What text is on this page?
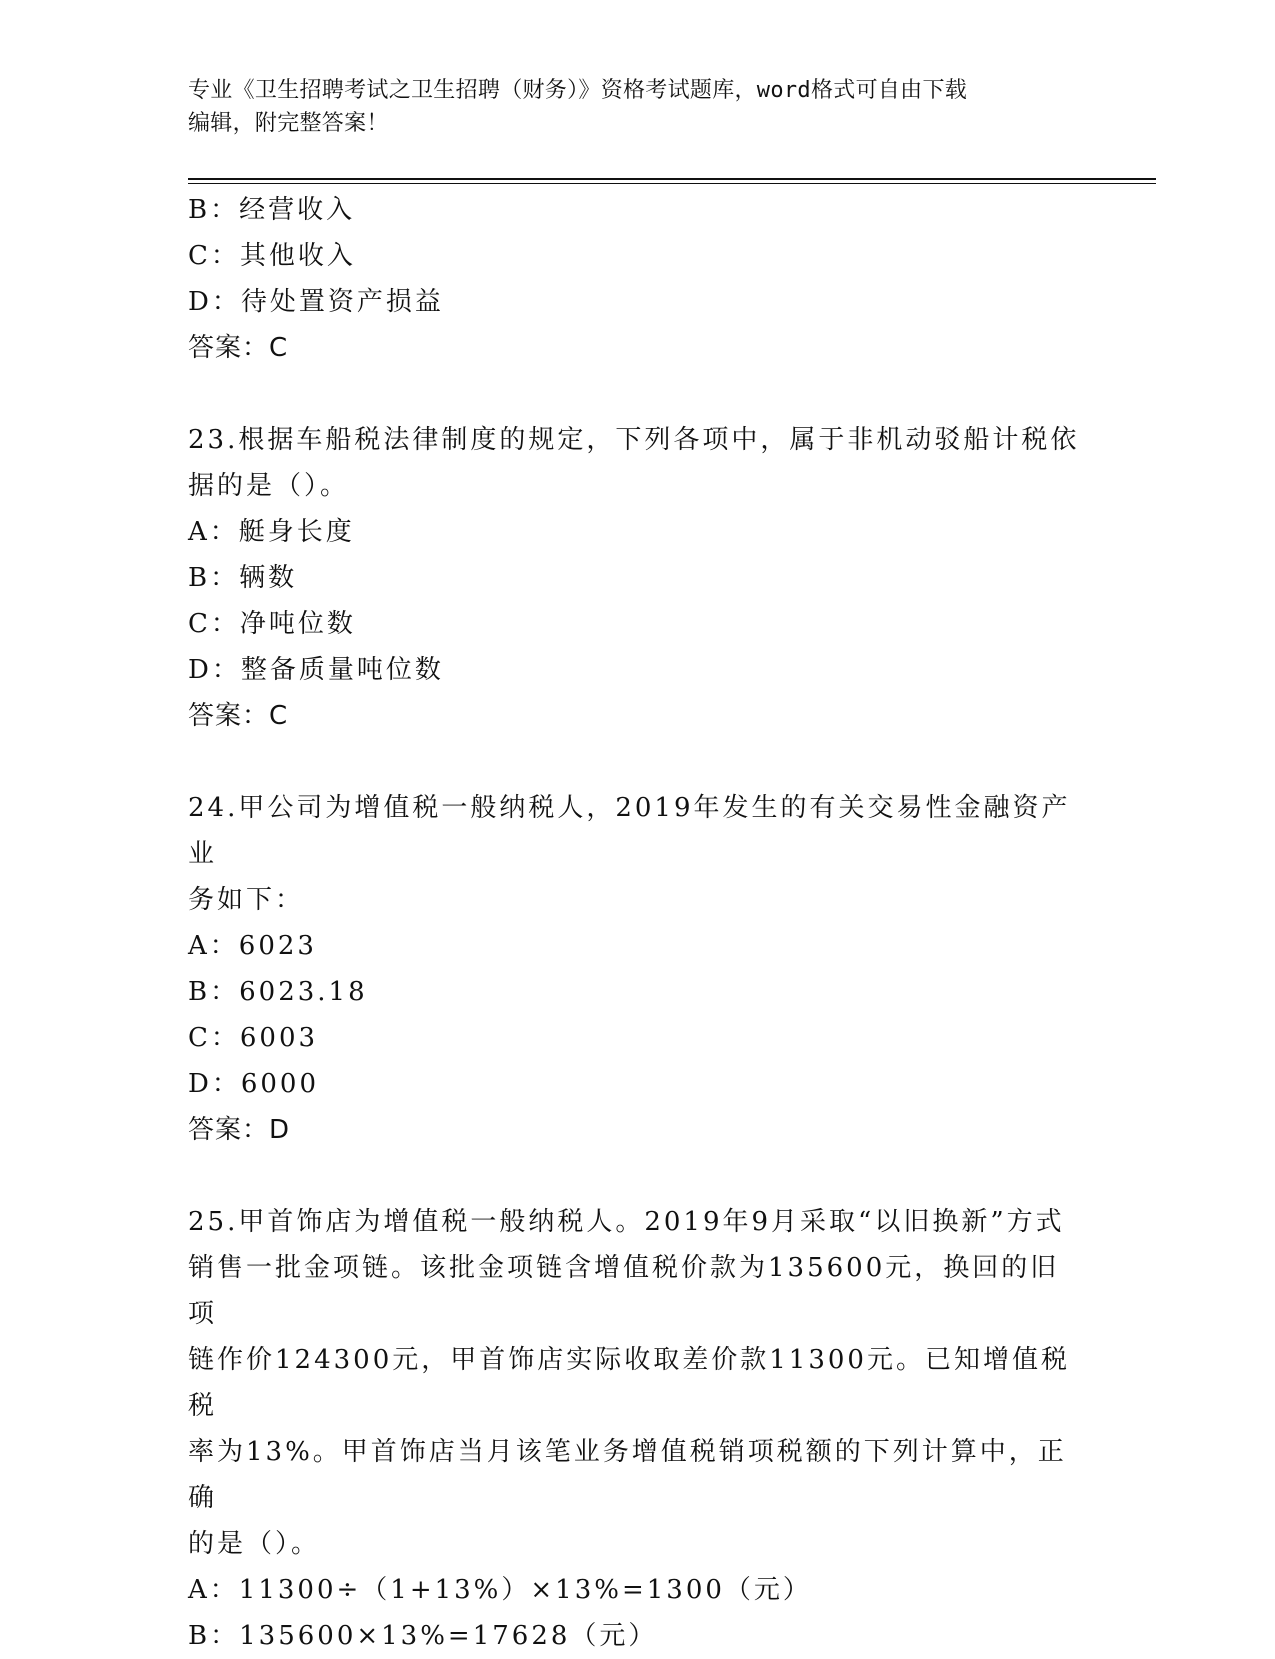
专业《卫生招聘考试之卫生招聘（财务）》资格考试题库，word格式可自由下载
编辑，附完整答案！
B：经营收入
C：其他收入
D：待处置资产损益
答案：C
23.根据车船税法律制度的规定，下列各项中，属于非机动驳船计税依
据的是（）。
A：艇身长度
B：辆数
C：净吨位数
D：整备质量吨位数
答案：C
24.甲公司为增值税一般纳税人，2019年发生的有关交易性金融资产业
务如下：
A：6023
B：6023.18
C：6003
D：6000
答案：D
25.甲首饰店为增值税一般纳税人。2019年9月采取“以旧换新”方式
销售一批金项链。该批金项链含增值税价款为135600元，换回的旧项
链作价124300元，甲首饰店实际收取差价款11300元。已知增值税税
率为13%。甲首饰店当月该笔业务增值税销项税额的下列计算中，正确
的是（）。
A：11300÷（1+13%）×13%=1300（元）
B：135600×13%=17628（元）
